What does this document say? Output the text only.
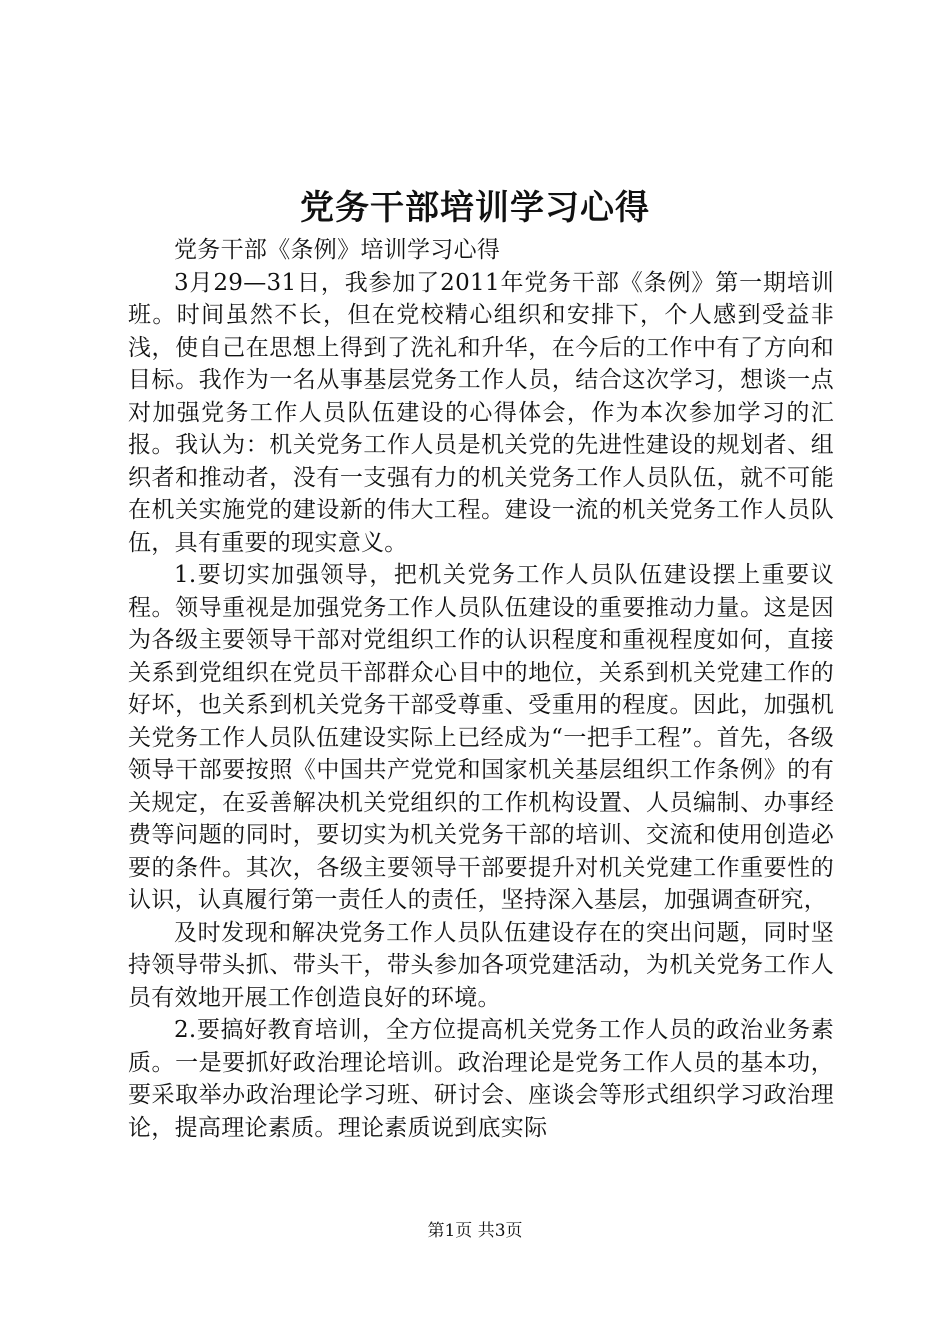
党务干部培训学习心得

党务干部《条例》培训学习心得

3月29—31日，我参加了2011年党务干部《条例》第一期培训班。时间虽然不长，但在党校精心组织和安排下，个人感到受益非浅，使自己在思想上得到了洗礼和升华，在今后的工作中有了方向和目标。我作为一名从事基层党务工作人员，结合这次学习，想谈一点对加强党务工作人员队伍建设的心得体会，作为本次参加学习的汇报。我认为：机关党务工作人员是机关党的先进性建设的规划者、组织者和推动者，没有一支强有力的机关党务工作人员队伍，就不可能在机关实施党的建设新的伟大工程。建设一流的机关党务工作人员队伍，具有重要的现实意义。

1.要切实加强领导，把机关党务工作人员队伍建设摆上重要议程。领导重视是加强党务工作人员队伍建设的重要推动力量。这是因为各级主要领导干部对党组织工作的认识程度和重视程度如何，直接关系到党组织在党员干部群众心目中的地位，关系到机关党建工作的好坏，也关系到机关党务干部受尊重、受重用的程度。因此，加强机关党务工作人员队伍建设实际上已经成为“一把手工程”。首先，各级领导干部要按照《中国共产党党和国家机关基层组织工作条例》的有关规定，在妥善解决机关党组织的工作机构设置、人员编制、办事经费等问题的同时，要切实为机关党务干部的培训、交流和使用创造必要的条件。其次，各级主要领导干部要提升对机关党建工作重要性的认识，认真履行第一责任人的责任，坚持深入基层，加强调查研究，

及时发现和解决党务工作人员队伍建设存在的突出问题，同时坚持领导带头抓、带头干，带头参加各项党建活动，为机关党务工作人员有效地开展工作创造良好的环境。

2.要搞好教育培训，全方位提高机关党务工作人员的政治业务素质。一是要抓好政治理论培训。政治理论是党务工作人员的基本功，要采取举办政治理论学习班、研讨会、座谈会等形式组织学习政治理论，提高理论素质。理论素质说到底实际

第1页 共3页
